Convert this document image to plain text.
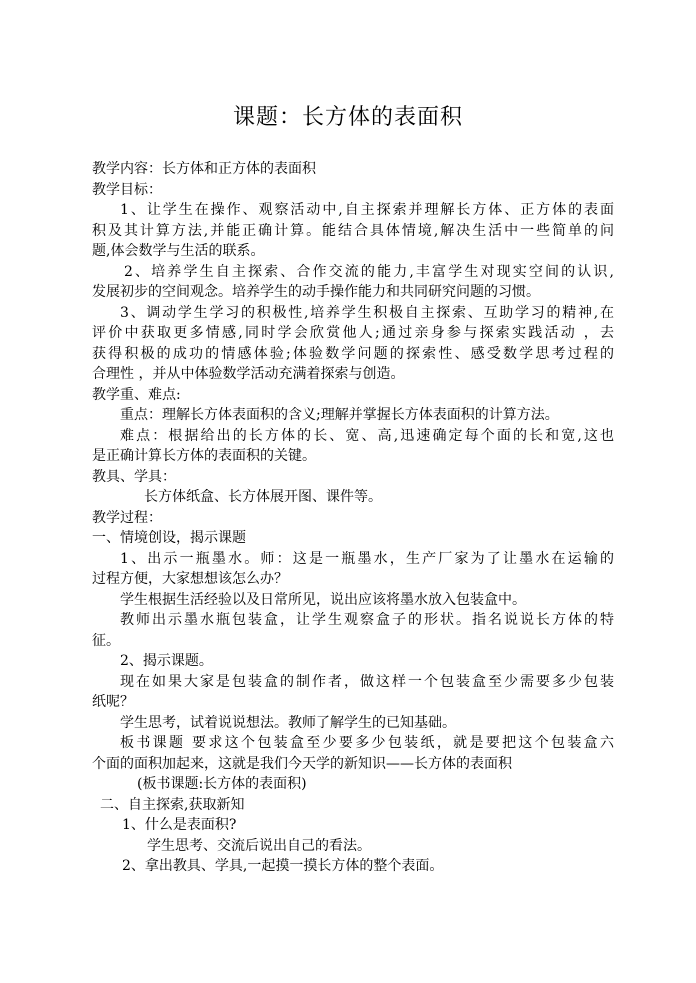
课题：长方体的表面积
教学内容：长方体和正方体的表面积
教学目标：
1、让学生在操作、观察活动中,自主探索并理解长方体、正方体的表面
积及其计算方法,并能正确计算。能结合具体情境,解决生活中一些简单的问
题,体会数学与生活的联系。
2、培养学生自主探索、合作交流的能力,丰富学生对现实空间的认识,
发展初步的空间观念。培养学生的动手操作能力和共同研究问题的习惯。
3、调动学生学习的积极性,培养学生积极自主探索、互助学习的精神,在
评价中获取更多情感,同时学会欣赏他人;通过亲身参与探索实践活动 ，去
获得积极的成功的情感体验;体验数学问题的探索性、感受数学思考过程的
合理性 ，并从中体验数学活动充满着探索与创造。
教学重、难点:
重点：理解长方体表面积的含义;理解并掌握长方体表面积的计算方法。
难点：根据给出的长方体的长、宽、高,迅速确定每个面的长和宽,这也
是正确计算长方体的表面积的关键。
教具、学具：
长方体纸盒、长方体展开图、课件等。
教学过程：
一、情境创设，揭示课题
1、出示一瓶墨水。师：这是一瓶墨水，生产厂家为了让墨水在运输的
过程方便，大家想想该怎么办？
学生根据生活经验以及日常所见，说出应该将墨水放入包装盒中。
教师出示墨水瓶包装盒，让学生观察盒子的形状。指名说说长方体的特
征。
2、揭示课题。
现在如果大家是包装盒的制作者，做这样一个包装盒至少需要多少包装
纸呢？
学生思考，试着说说想法。教师了解学生的已知基础。
板书课题 要求这个包装盒至少要多少包装纸，就是要把这个包装盒六
个面的面积加起来，这就是我们今天学的新知识——长方体的表面积
(板书课题:长方体的表面积)
二、自主探索,获取新知
1、什么是表面积?
学生思考、交流后说出自己的看法。
2、拿出教具、学具,一起摸一摸长方体的整个表面。
